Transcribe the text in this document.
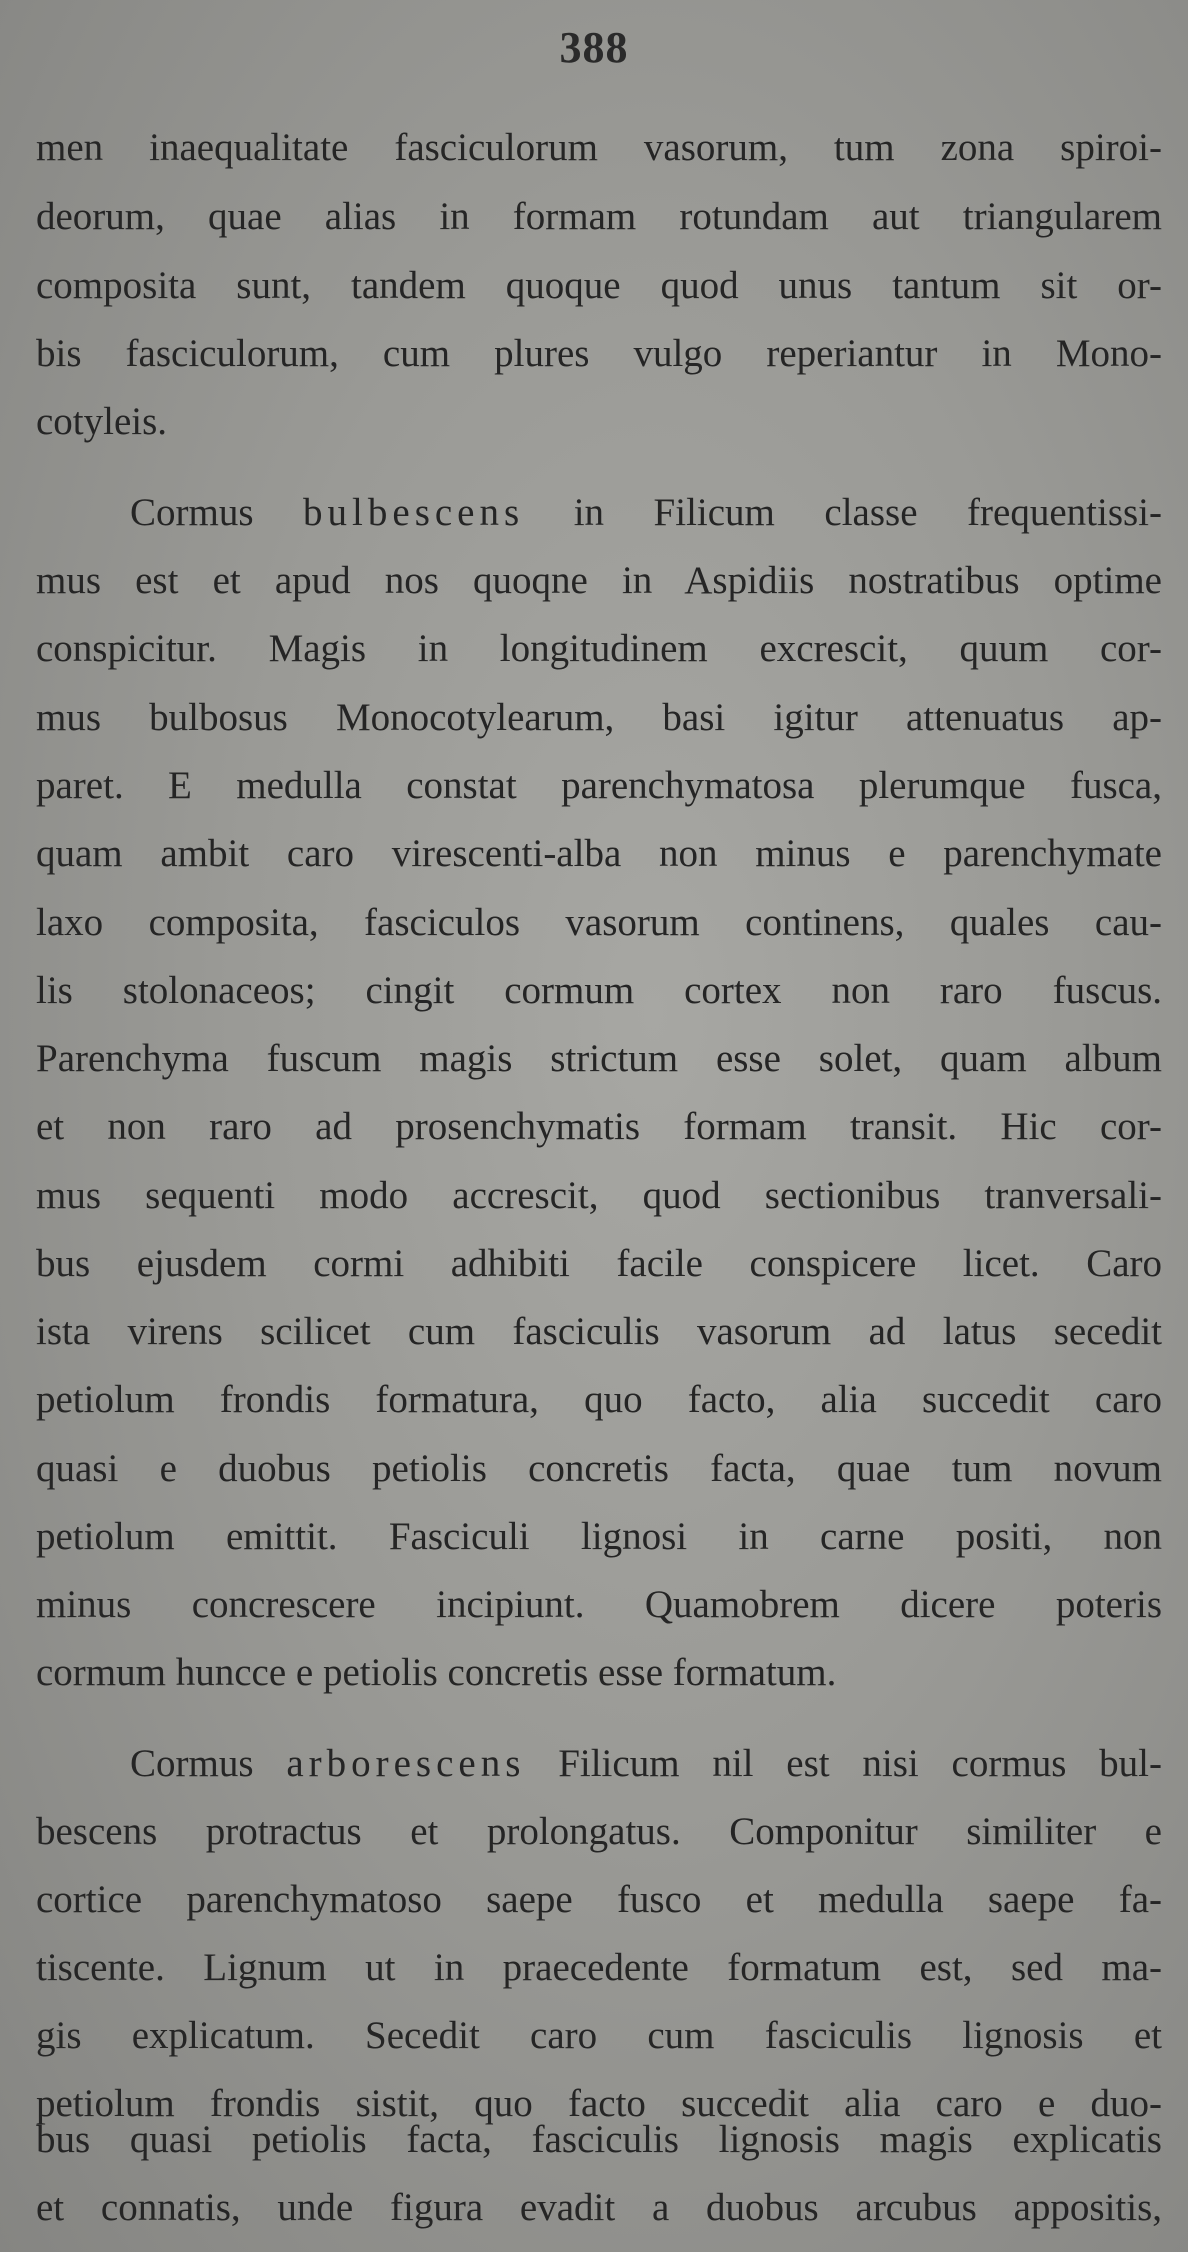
388
men inaequalitate fasciculorum vasorum, tum zona spiroi-
deorum, quae alias in formam rotundam aut triangularem
composita sunt, tandem quoque quod unus tantum sit or-
bis fasciculorum, cum plures vulgo reperiantur in Mono-
cotyleis.
Cormus bulbescens in Filicum classe frequentissi-
mus est et apud nos quoqne in Aspidiis nostratibus optime
conspicitur. Magis in longitudinem excrescit, quum cor-
mus bulbosus Monocotylearum, basi igitur attenuatus ap-
paret. E medulla constat parenchymatosa plerumque fusca,
quam ambit caro virescenti-alba non minus e parenchymate
laxo composita, fasciculos vasorum continens, quales cau-
lis stolonaceos; cingit cormum cortex non raro fuscus.
Parenchyma fuscum magis strictum esse solet, quam album
et non raro ad prosenchymatis formam transit. Hic cor-
mus sequenti modo accrescit, quod sectionibus tranversali-
bus ejusdem cormi adhibiti facile conspicere licet. Caro
ista virens scilicet cum fasciculis vasorum ad latus secedit
petiolum frondis formatura, quo facto, alia succedit caro
quasi e duobus petiolis concretis facta, quae tum novum
petiolum emittit. Fasciculi lignosi in carne positi, non
minus concrescere incipiunt. Quamobrem dicere poteris
cormum huncce e petiolis concretis esse formatum.
Cormus arborescens Filicum nil est nisi cormus bul-
bescens protractus et prolongatus. Componitur similiter e
cortice parenchymatoso saepe fusco et medulla saepe fa-
tiscente. Lignum ut in praecedente formatum est, sed ma-
gis explicatum. Secedit caro cum fasciculis lignosis et
petiolum frondis sistit, quo facto succedit alia caro e duo-
bus quasi petiolis facta, fasciculis lignosis magis explicatis
et connatis, unde figura evadit a duobus arcubus appositis,
